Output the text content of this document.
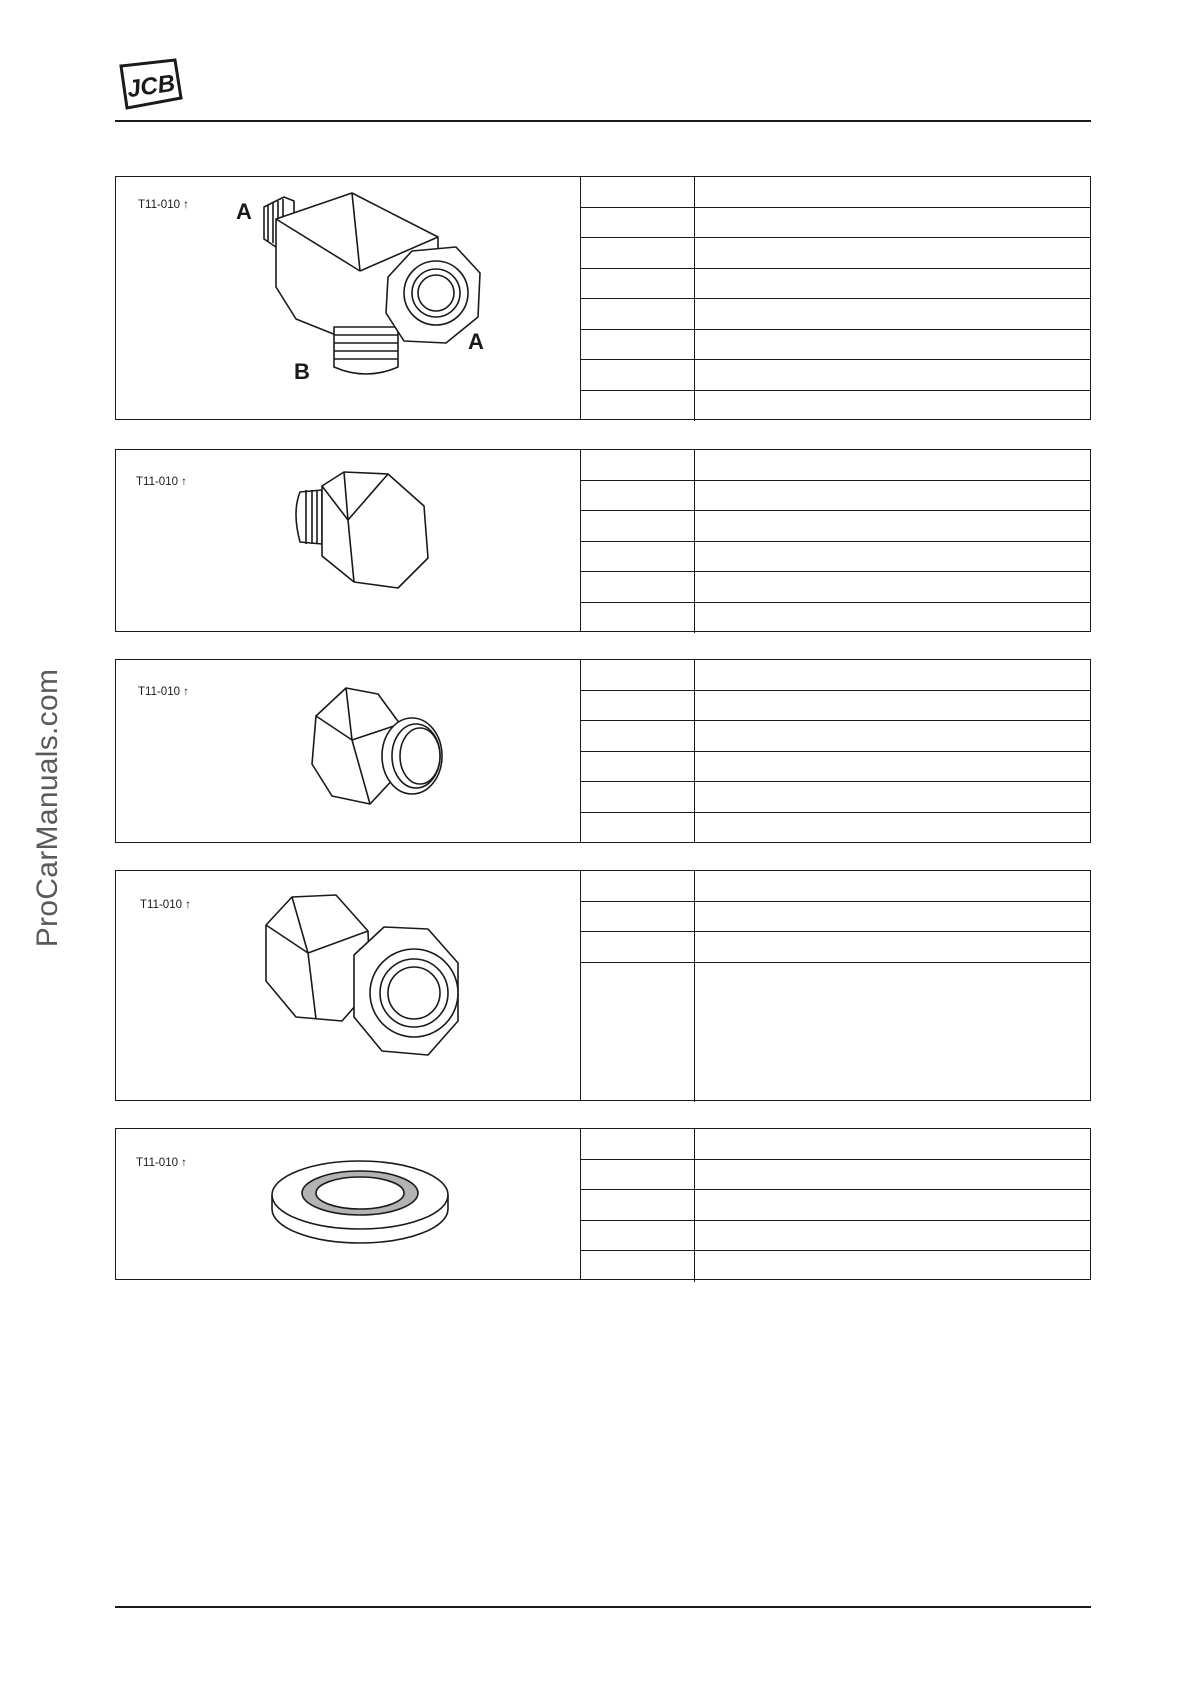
JCB
ProCarManuals.com
T11-010 ↑ A
A
B
T11-010 ↑
T11-010 ↑
T11-010 ↑
T11-010 ↑
